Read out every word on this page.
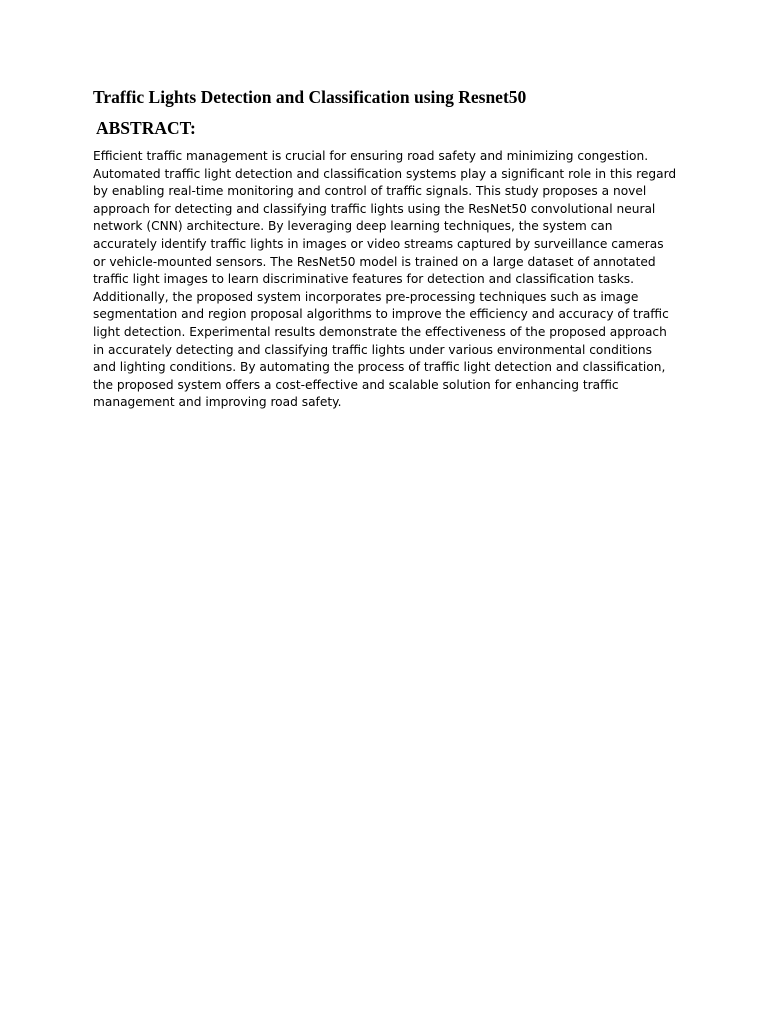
Traffic Lights Detection and Classification using Resnet50
ABSTRACT:

Efficient traffic management is crucial for ensuring road safety and minimizing congestion. Automated traffic light detection and classification systems play a significant role in this regard by enabling real-time monitoring and control of traffic signals. This study proposes a novel approach for detecting and classifying traffic lights using the ResNet50 convolutional neural network (CNN) architecture. By leveraging deep learning techniques, the system can accurately identify traffic lights in images or video streams captured by surveillance cameras or vehicle-mounted sensors. The ResNet50 model is trained on a large dataset of annotated traffic light images to learn discriminative features for detection and classification tasks. Additionally, the proposed system incorporates pre-processing techniques such as image segmentation and region proposal algorithms to improve the efficiency and accuracy of traffic light detection. Experimental results demonstrate the effectiveness of the proposed approach in accurately detecting and classifying traffic lights under various environmental conditions and lighting conditions. By automating the process of traffic light detection and classification, the proposed system offers a cost-effective and scalable solution for enhancing traffic management and improving road safety.
